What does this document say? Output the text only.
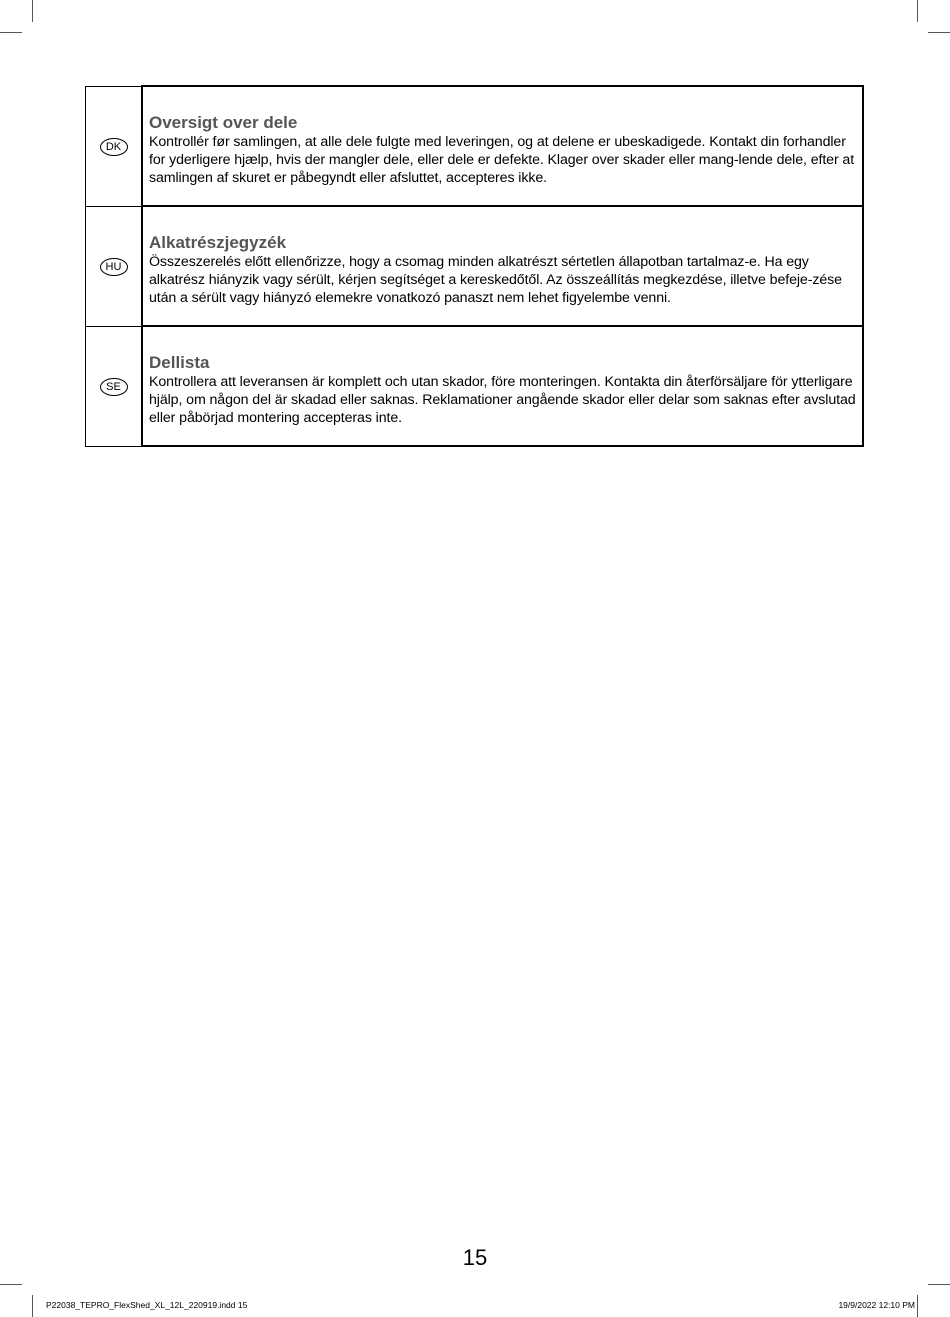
DK	Oversigt over dele

Kontrollér før samlingen, at alle dele fulgte med leveringen, og at delene er ubeskadigede. Kontakt din forhandler for yderligere hjælp, hvis der mangler dele, eller dele er defekte. Klager over skader eller mang-lende dele, efter at samlingen af skuret er påbegyndt eller afsluttet, accepteres ikke.

HU	Alkatrészjegyzék

Összeszerelés előtt ellenőrizze, hogy a csomag minden alkatrészt sértetlen állapotban tartalmaz-e. Ha egy alkatrész hiányzik vagy sérült, kérjen segítséget a kereskedőtől. Az összeállítás megkezdése, illetve befeje-zése után a sérült vagy hiányzó elemekre vonatkozó panaszt nem lehet figyelembe venni.

SE	Dellista

Kontrollera att leveransen är komplett och utan skador, före monteringen. Kontakta din återförsäljare för ytterligare hjälp, om någon del är skadad eller saknas. Reklamationer angående skador eller delar som saknas efter avslutad eller påbörjad montering accepteras inte.

15
P22038_TEPRO_FlexShed_XL_12L_220919.indd 15	19/9/2022 12:10 PM
